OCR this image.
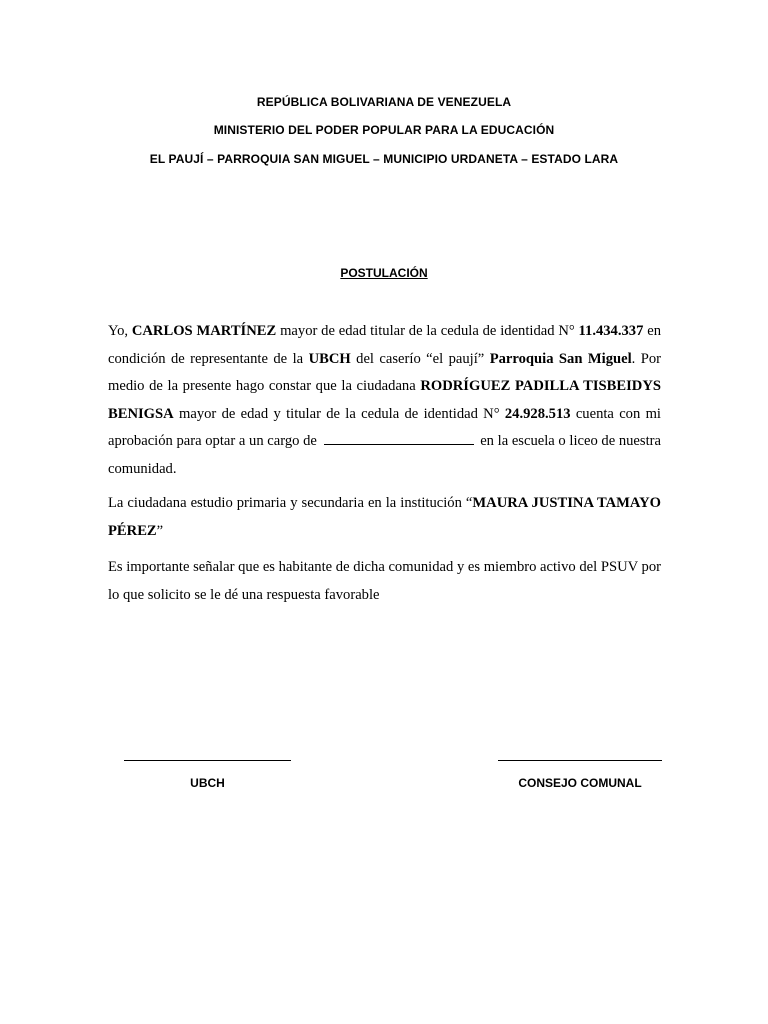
REPÚBLICA BOLIVARIANA DE VENEZUELA
MINISTERIO DEL PODER POPULAR PARA LA EDUCACIÓN
EL PAUJÍ – PARROQUIA SAN MIGUEL – MUNICIPIO URDANETA – ESTADO LARA
POSTULACIÓN
Yo, CARLOS MARTÍNEZ mayor de edad titular de la cedula de identidad N° 11.434.337 en condición de representante de la UBCH del caserío “el paují” Parroquia San Miguel. Por medio de la presente hago constar que la ciudadana RODRÍGUEZ PADILLA TISBEIDYS BENIGSA mayor de edad y titular de la cedula de identidad N° 24.928.513 cuenta con mi aprobación para optar a un cargo de	en la escuela o liceo de nuestra comunidad.
La ciudadana estudio primaria y secundaria en la institución “MAURA JUSTINA TAMAYO PÉREZ”
Es importante señalar que es habitante de dicha comunidad y es miembro activo del PSUV por lo que solicito se le dé una respuesta favorable
UBCH	CONSEJO COMUNAL
